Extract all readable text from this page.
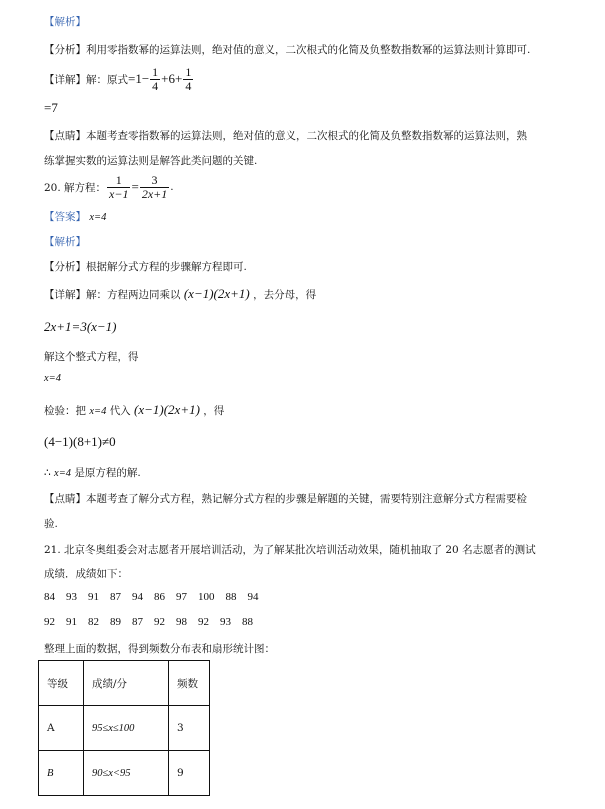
【解析】
【分析】利用零指数幂的运算法则，绝对值的意义，二次根式的化简及负整数指数幂的运算法则计算即可.
【详解】解：原式 $=1- \frac{1}{4} +6+ \frac{1}{4}$
=7
【点睛】本题考查零指数幂的运算法则，绝对值的意义，二次根式的化简及负整数指数幂的运算法则，熟
练掌握实数的运算法则是解答此类问题的关键.
20. 解方程： $\frac{1}{x-1} = \frac{3}{2x+1}$ .
【答案】 x=4
【解析】
【分析】根据解分式方程的步骤解方程即可.
【详解】解：方程两边同乘以 (x−1)(2x+1) ，去分母，得
2x+1=3(x−1)
解这个整式方程，得
x=4
检验：把 x=4 代入 (x−1)(2x+1) ，得
(4−1)(8+1)≠0
∴ x=4 是原方程的解.
【点睛】本题考查了解分式方程，熟记解分式方程的步骤是解题的关键，需要特别注意解分式方程需要检
验.
21. 北京冬奥组委会对志愿者开展培训活动，为了解某批次培训活动效果，随机抽取了 20 名志愿者的测试
成绩．成绩如下：
84 93 91 87 94 86 97 100 88 94
92 91 82 89 87 92 98 92 93 88
整理上面的数据，得到频数分布表和扇形统计图：
等级	成绩/分	频数
A	95≤x≤100	3
B	90≤x<95	9
